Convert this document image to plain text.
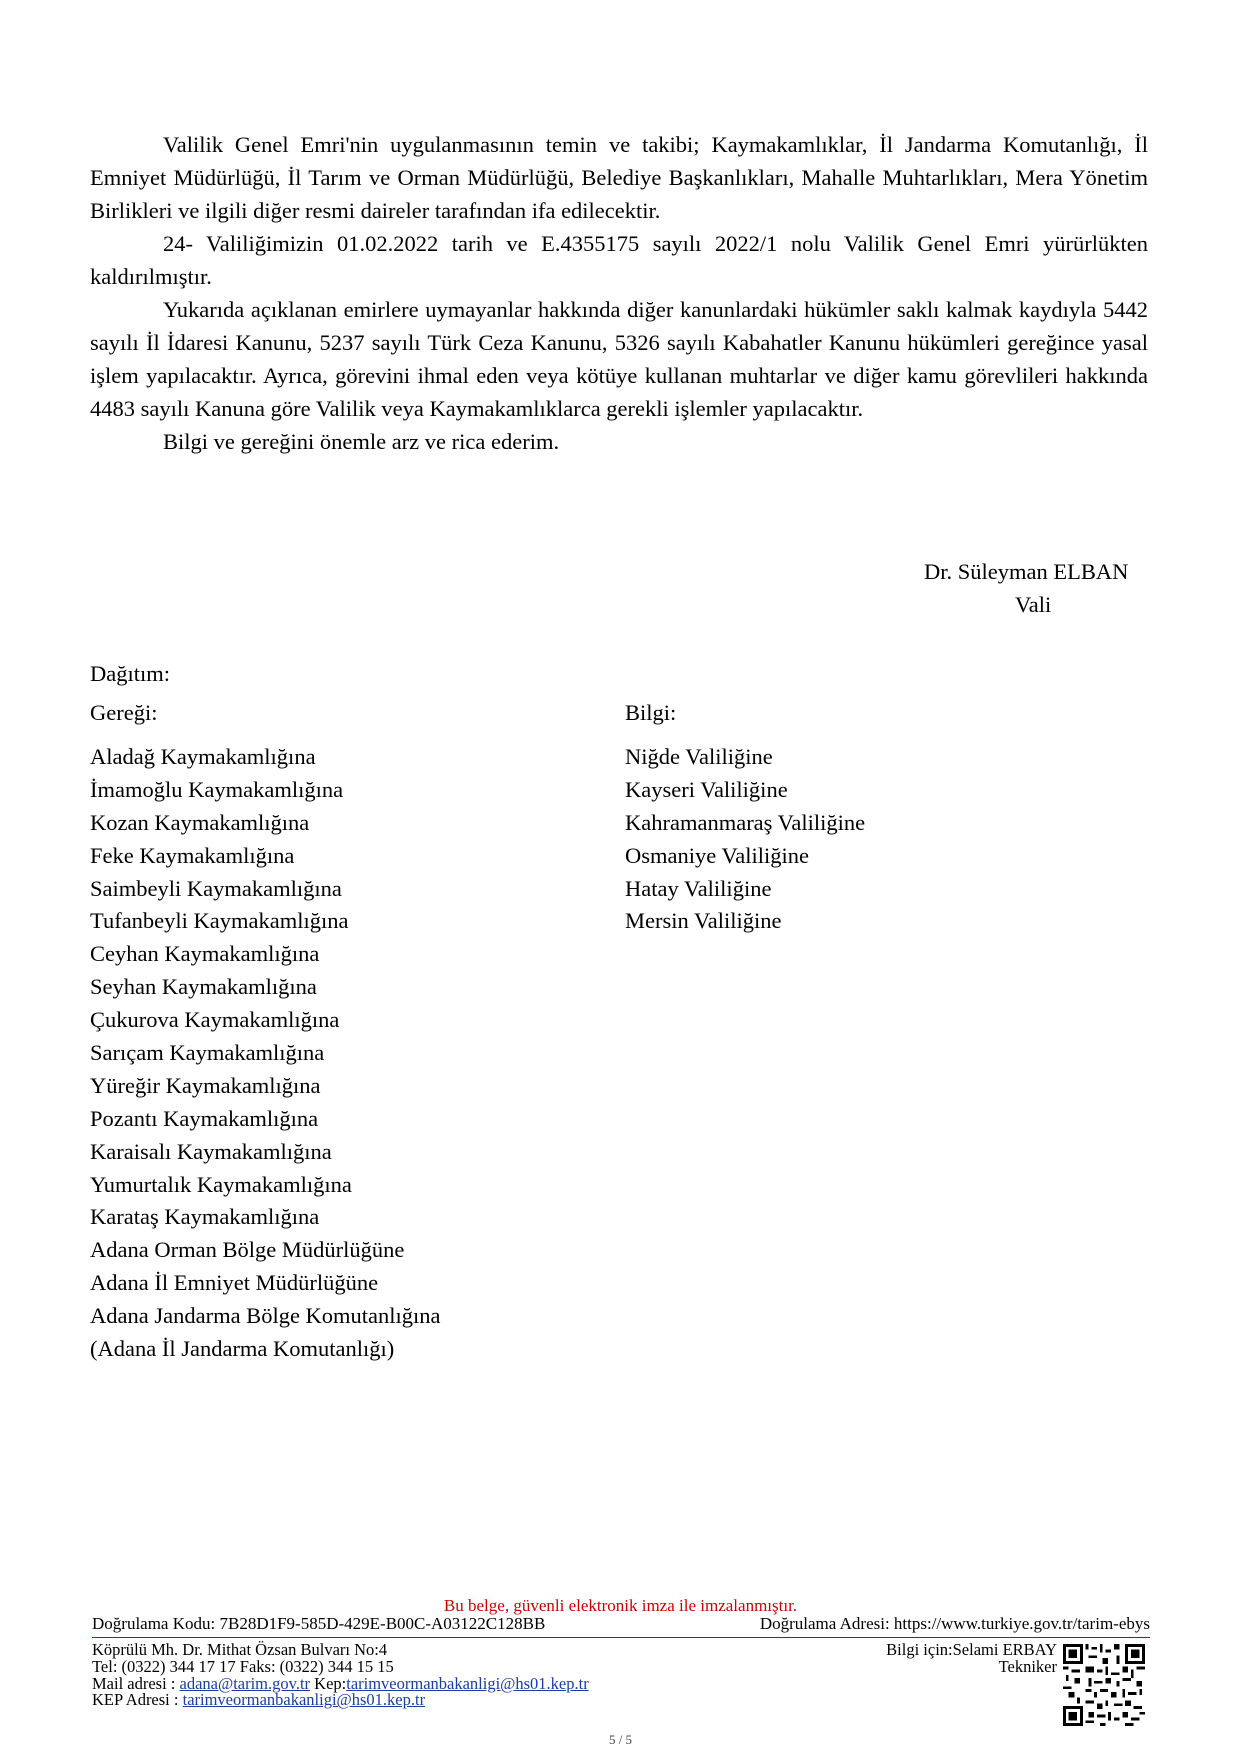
Valilik Genel Emri'nin uygulanmasının temin ve takibi; Kaymakamlıklar, İl Jandarma Komutanlığı, İl Emniyet Müdürlüğü, İl Tarım ve Orman Müdürlüğü, Belediye Başkanlıkları, Mahalle Muhtarlıkları, Mera Yönetim Birlikleri ve ilgili diğer resmi daireler tarafından ifa edilecektir.

24- Valiliğimizin 01.02.2022 tarih ve E.4355175 sayılı 2022/1 nolu Valilik Genel Emri yürürlükten kaldırılmıştır.

Yukarıda açıklanan emirlere uymayanlar hakkında diğer kanunlardaki hükümler saklı kalmak kaydıyla 5442 sayılı İl İdaresi Kanunu, 5237 sayılı Türk Ceza Kanunu, 5326 sayılı Kabahatler Kanunu hükümleri gereğince yasal işlem yapılacaktır. Ayrıca, görevini ihmal eden veya kötüye kullanan muhtarlar ve diğer kamu görevlileri hakkında 4483 sayılı Kanuna göre Valilik veya Kaymakamlıklarca gerekli işlemler yapılacaktır.

Bilgi ve gereğini önemle arz ve rica ederim.

Dr. Süleyman ELBAN
Vali
Dağıtım:
Gereği:
Aladağ Kaymakamlığına
İmamoğlu Kaymakamlığına
Kozan Kaymakamlığına
Feke Kaymakamlığına
Saimbeyli Kaymakamlığına
Tufanbeyli Kaymakamlığına
Ceyhan Kaymakamlığına
Seyhan Kaymakamlığına
Çukurova Kaymakamlığına
Sarıçam Kaymakamlığına
Yüreğir Kaymakamlığına
Pozantı Kaymakamlığına
Karaisalı Kaymakamlığına
Yumurtalık Kaymakamlığına
Karataş Kaymakamlığına
Adana Orman Bölge Müdürlüğüne
Adana İl Emniyet Müdürlüğüne
Adana Jandarma Bölge Komutanlığına
(Adana İl Jandarma Komutanlığı)
Bilgi:
Niğde Valiliğine
Kayseri Valiliğine
Kahramanmaraş Valiliğine
Osmaniye Valiliğine
Hatay Valiliğine
Mersin Valiliğine
Bu belge, güvenli elektronik imza ile imzalanmıştır.
Doğrulama Kodu: 7B28D1F9-585D-429E-B00C-A03122C128BB	Doğrulama Adresi: https://www.turkiye.gov.tr/tarim-ebys
Köprülü Mh. Dr. Mithat Özsan Bulvarı No:4
Tel: (0322) 344 17 17 Faks: (0322) 344 15 15
Mail adresi : adana@tarim.gov.tr Kep:tarimveormanbakanligi@hs01.kep.tr
KEP Adresi : tarimveormanbakanligi@hs01.kep.tr
Bilgi için:Selami ERBAY
Tekniker
5 / 5
